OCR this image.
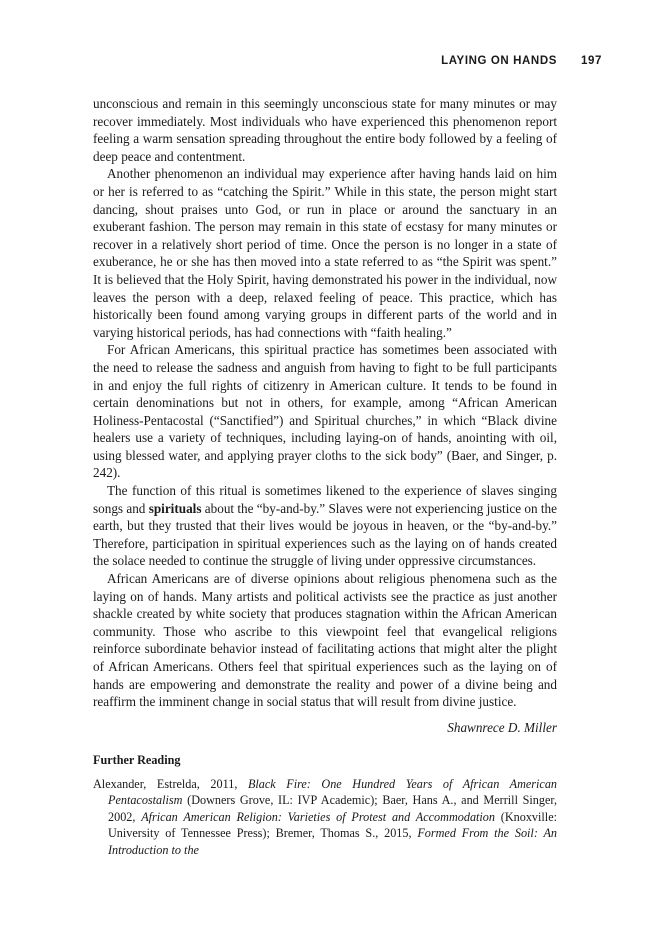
LAYING ON HANDS 197

unconscious and remain in this seemingly unconscious state for many minutes or may recover immediately. Most individuals who have experienced this phenomenon report feeling a warm sensation spreading throughout the entire body followed by a feeling of deep peace and contentment.

Another phenomenon an individual may experience after having hands laid on him or her is referred to as “catching the Spirit.” While in this state, the person might start dancing, shout praises unto God, or run in place or around the sanctuary in an exuberant fashion. The person may remain in this state of ecstasy for many minutes or recover in a relatively short period of time. Once the person is no longer in a state of exuberance, he or she has then moved into a state referred to as “the Spirit was spent.” It is believed that the Holy Spirit, having demonstrated his power in the individual, now leaves the person with a deep, relaxed feeling of peace. This practice, which has historically been found among varying groups in different parts of the world and in varying historical periods, has had connections with “faith healing.”

For African Americans, this spiritual practice has sometimes been associated with the need to release the sadness and anguish from having to fight to be full participants in and enjoy the full rights of citizenry in American culture. It tends to be found in certain denominations but not in others, for example, among “African American Holiness-Pentacostal (“Sanctified”) and Spiritual churches,” in which “Black divine healers use a variety of techniques, including laying-on of hands, anointing with oil, using blessed water, and applying prayer cloths to the sick body” (Baer, and Singer, p. 242).

The function of this ritual is sometimes likened to the experience of slaves singing songs and spirituals about the “by-and-by.” Slaves were not experiencing justice on the earth, but they trusted that their lives would be joyous in heaven, or the “by-and-by.” Therefore, participation in spiritual experiences such as the laying on of hands created the solace needed to continue the struggle of living under oppressive circumstances.

African Americans are of diverse opinions about religious phenomena such as the laying on of hands. Many artists and political activists see the practice as just another shackle created by white society that produces stagnation within the African American community. Those who ascribe to this viewpoint feel that evangelical religions reinforce subordinate behavior instead of facilitating actions that might alter the plight of African Americans. Others feel that spiritual experiences such as the laying on of hands are empowering and demonstrate the reality and power of a divine being and reaffirm the imminent change in social status that will result from divine justice.

Shawnrece D. Miller
Further Reading
Alexander, Estrelda, 2011, Black Fire: One Hundred Years of African American Pentacostalism (Downers Grove, IL: IVP Academic); Baer, Hans A., and Merrill Singer, 2002, African American Religion: Varieties of Protest and Accommodation (Knoxville: University of Tennessee Press); Bremer, Thomas S., 2015, Formed From the Soil: An Introduction to the
